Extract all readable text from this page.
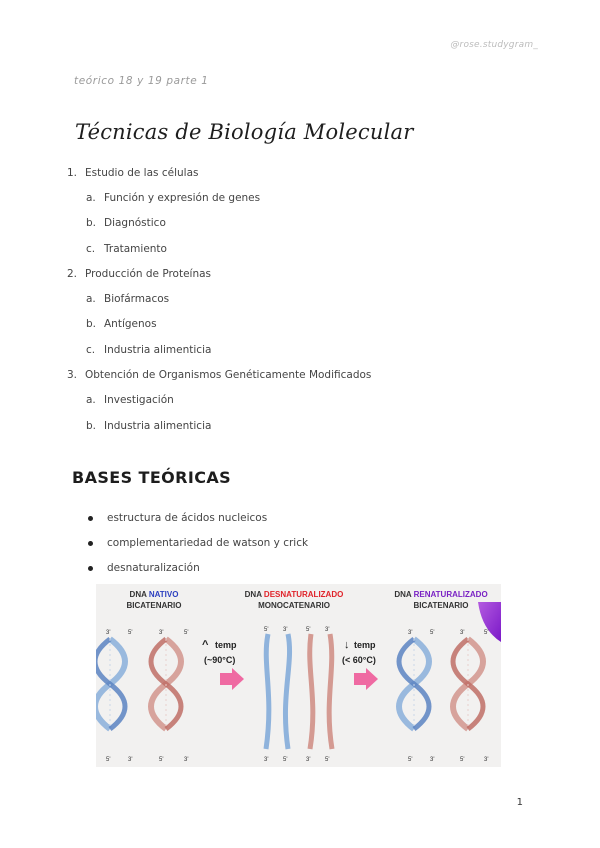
@rose.studygram_
teórico 18 y 19 parte 1
Técnicas de Biología Molecular
1. Estudio de las células
a. Función y expresión de genes
b. Diagnóstico
c. Tratamiento
2. Producción de Proteínas
a. Biofármacos
b. Antígenos
c. Industria alimenticia
3. Obtención de Organismos Genéticamente Modificados
a. Investigación
b. Industria alimenticia
BASES TEÓRICAS
estructura de ácidos nucleicos
complementariedad de watson y crick
desnaturalización
DNA NATIVO
BICATENARIO
DNA DESNATURALIZADO
MONOCATENARIO
DNA RENATURALIZADO
BICATENARIO
3'	5'	3'	5'
5'	3'	5'	3'
^ temp
(~90°C)
5' 3'	5' 3'
3' 5'	3' 5'
↓ temp
(< 60°C)
3'	5'	3'	5'
5'	3'	5'	3'
1
